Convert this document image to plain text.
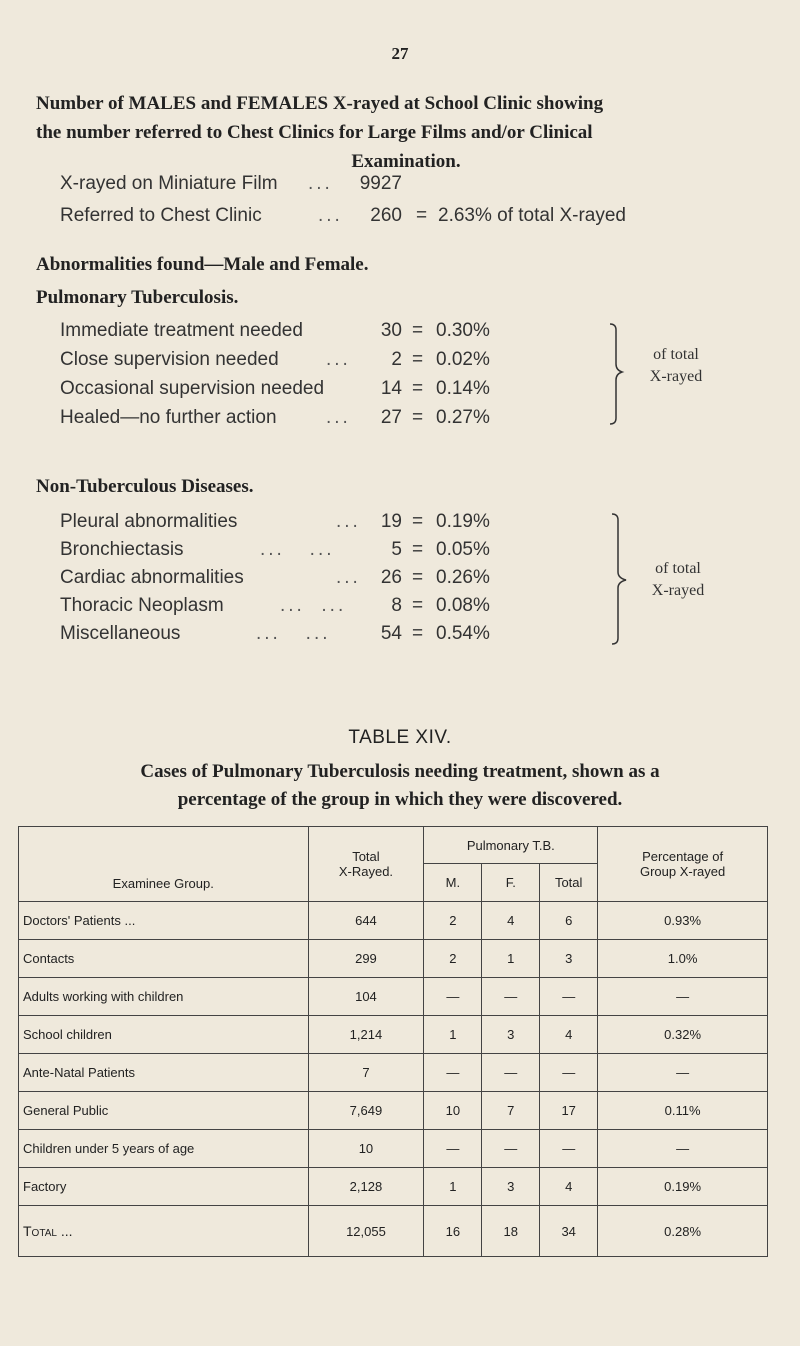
27
Number of MALES and FEMALES X-rayed at School Clinic showing
the number referred to Chest Clinics for Large Films and/or Clinical

Examination.
X-rayed on Miniature Film ...	9927
Referred to Chest Clinic	...	260 = 2.63% of total X-rayed
Abnormalities found—Male and Female.
Pulmonary Tuberculosis.
Immediate treatment needed	30 = 0.30%
Close supervision needed ...	2 = 0.02%
Occasional supervision needed	14 = 0.14%
Healed—no further action	...	27 = 0.27%
of total
X-rayed
Non-Tuberculous Diseases.
Pleural abnormalities	...	19 = 0.19%
Bronchiectasis	...   ...	5 = 0.05%
Cardiac abnormalities	...	26 = 0.26%
Thoracic Neoplasm	...  ...	8 = 0.08%
Miscellaneous	...   ...	54 = 0.54%
of total
X-rayed
TABLE XIV.
Cases of Pulmonary Tuberculosis needing treatment, shown as a
percentage of the group in which they were discovered.
Examinee Group.	Total
X-Rayed.	Pulmonary T.B.			Percentage of
Group X-rayed
		M.	F.	Total	
Doctors' Patients ...	644	2	4	6	0.93%
Contacts	299	2	1	3	1.0%
Adults working with children	104	—	—	—	—
School children	1,214	1	3	4	0.32%
Ante-Natal Patients	7	—	—	—	—
General Public	7,649	10	7	17	0.11%
Children under 5 years of age	10	—	—	—	—
Factory	2,128	1	3	4	0.19%
Total ...	12,055	16	18	34	0.28%
